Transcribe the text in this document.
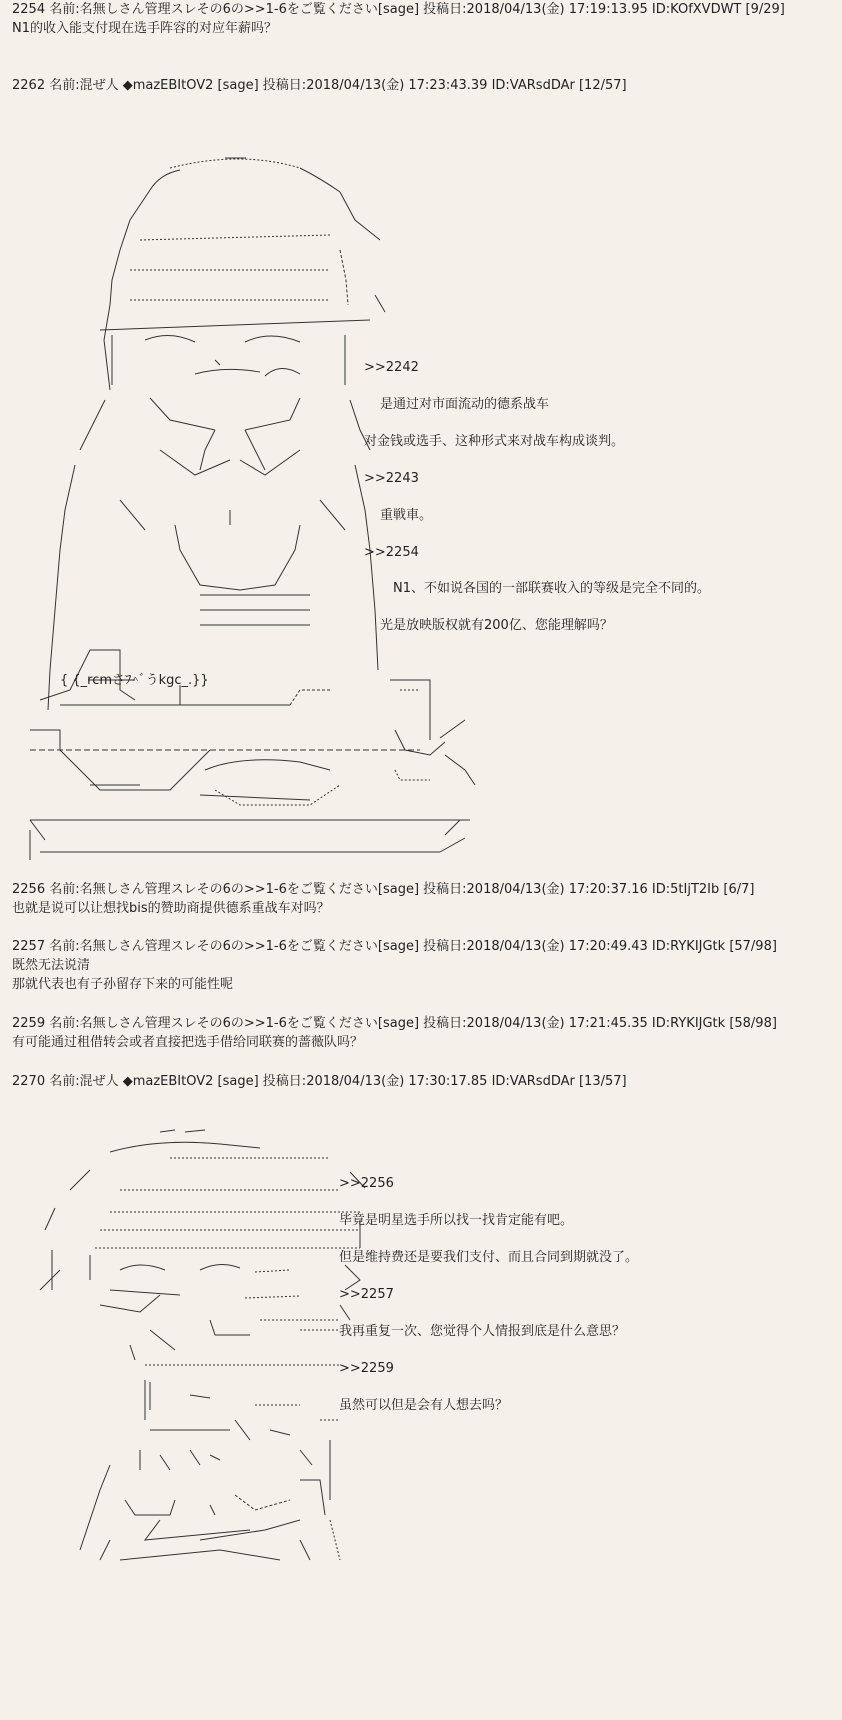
2254 名前:名無しさん管理スレその6の>>1-6をご覧ください[sage] 投稿日:2018/04/13(金) 17:19:13.95 ID:KOfXVDWT [9/29]
N1的收入能支付现在选手阵容的对应年薪吗？
2262 名前:混ぜ人 ◆mazEBItOV2 [sage] 投稿日:2018/04/13(金) 17:23:43.39 ID:VARsdDAr [12/57]
{ {_rcmさﾌ^ﾞうkgc_.}}
>>2242
是通过对市面流动的德系战车
对金钱或选手、这种形式来对战车构成谈判。
>>2243
重戦車。
>>2254
N1、不如说各国的一部联赛收入的等级是完全不同的。
光是放映版权就有200亿、您能理解吗？
2256 名前:名無しさん管理スレその6の>>1-6をご覧ください[sage] 投稿日:2018/04/13(金) 17:20:37.16 ID:5tIjT2Ib [6/7]
也就是说可以让想找bis的赞助商提供德系重战车对吗？
2257 名前:名無しさん管理スレその6の>>1-6をご覧ください[sage] 投稿日:2018/04/13(金) 17:20:49.43 ID:RYKIJGtk [57/98]
既然无法说清
那就代表也有子孙留存下来的可能性呢
2259 名前:名無しさん管理スレその6の>>1-6をご覧ください[sage] 投稿日:2018/04/13(金) 17:21:45.35 ID:RYKIJGtk [58/98]
有可能通过租借转会或者直接把选手借给同联赛的蔷薇队吗？
2270 名前:混ぜ人 ◆mazEBItOV2 [sage] 投稿日:2018/04/13(金) 17:30:17.85 ID:VARsdDAr [13/57]
>>2256
毕竟是明星选手所以找一找肯定能有吧。
但是维持费还是要我们支付、而且合同到期就没了。
>>2257
我再重复一次、您觉得个人情报到底是什么意思？
>>2259
虽然可以但是会有人想去吗？
